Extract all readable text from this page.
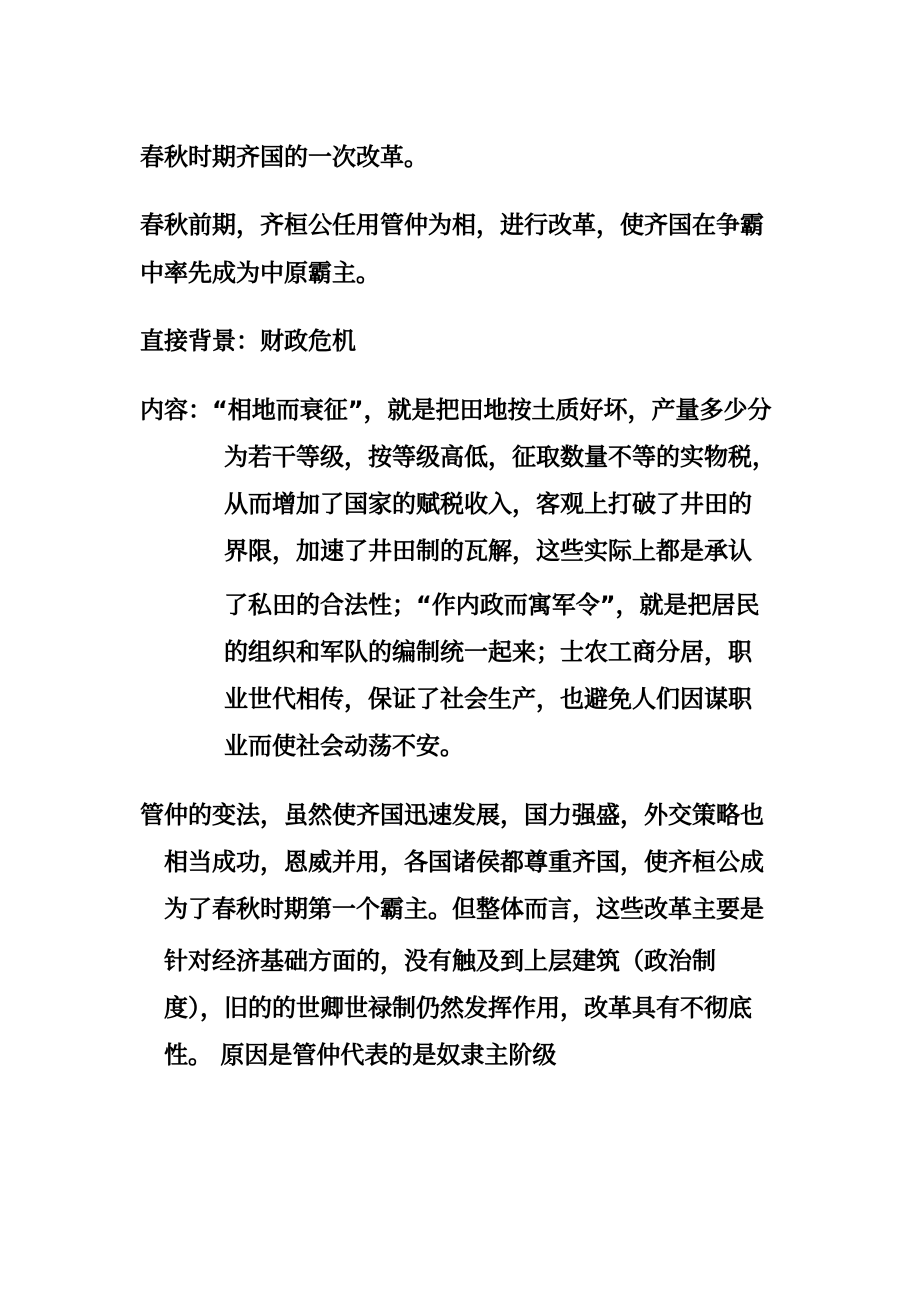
春秋时期齐国的一次改革。
春秋前期，齐桓公任用管仲为相，进行改革，使齐国在争霸
中率先成为中原霸主。
直接背景：财政危机
内容：“相地而衰征”，就是把田地按土质好坏，产量多少分
为若干等级，按等级高低，征取数量不等的实物税，
从而增加了国家的赋税收入，客观上打破了井田的
界限，加速了井田制的瓦解，这些实际上都是承认
了私田的合法性；“作内政而寓军令”，就是把居民
的组织和军队的编制统一起来；士农工商分居，职
业世代相传，保证了社会生产，也避免人们因谋职
业而使社会动荡不安。
管仲的变法，虽然使齐国迅速发展，国力强盛，外交策略也
相当成功，恩威并用，各国诸侯都尊重齐国，使齐桓公成
为了春秋时期第一个霸主。但整体而言，这些改革主要是
针对经济基础方面的，没有触及到上层建筑（政治制
度），旧的的世卿世禄制仍然发挥作用，改革具有不彻底
性。 原因是管仲代表的是奴隶主阶级
